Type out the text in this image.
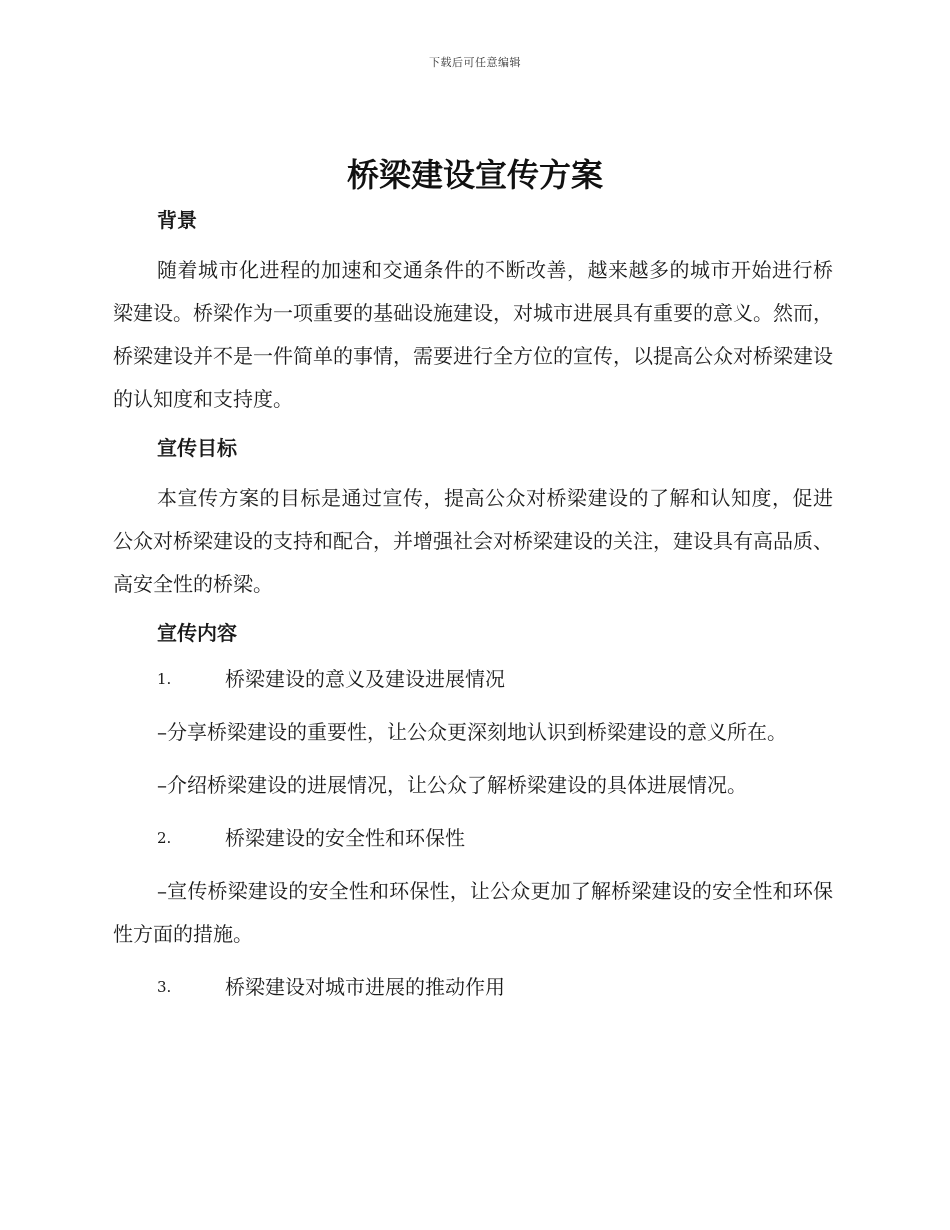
下载后可任意编辑
桥梁建设宣传方案
背景

随着城市化进程的加速和交通条件的不断改善，越来越多的城市开始进行桥梁建设。桥梁作为一项重要的基础设施建设，对城市进展具有重要的意义。然而，桥梁建设并不是一件简单的事情，需要进行全方位的宣传，以提高公众对桥梁建设的认知度和支持度。

宣传目标

本宣传方案的目标是通过宣传，提高公众对桥梁建设的了解和认知度，促进公众对桥梁建设的支持和配合，并增强社会对桥梁建设的关注，建设具有高品质、高安全性的桥梁。

宣传内容
1.	桥梁建设的意义及建设进展情况

–分享桥梁建设的重要性，让公众更深刻地认识到桥梁建设的意义所在。

–介绍桥梁建设的进展情况，让公众了解桥梁建设的具体进展情况。

2.	桥梁建设的安全性和环保性

–宣传桥梁建设的安全性和环保性，让公众更加了解桥梁建设的安全性和环保性方面的措施。

3.	桥梁建设对城市进展的推动作用
